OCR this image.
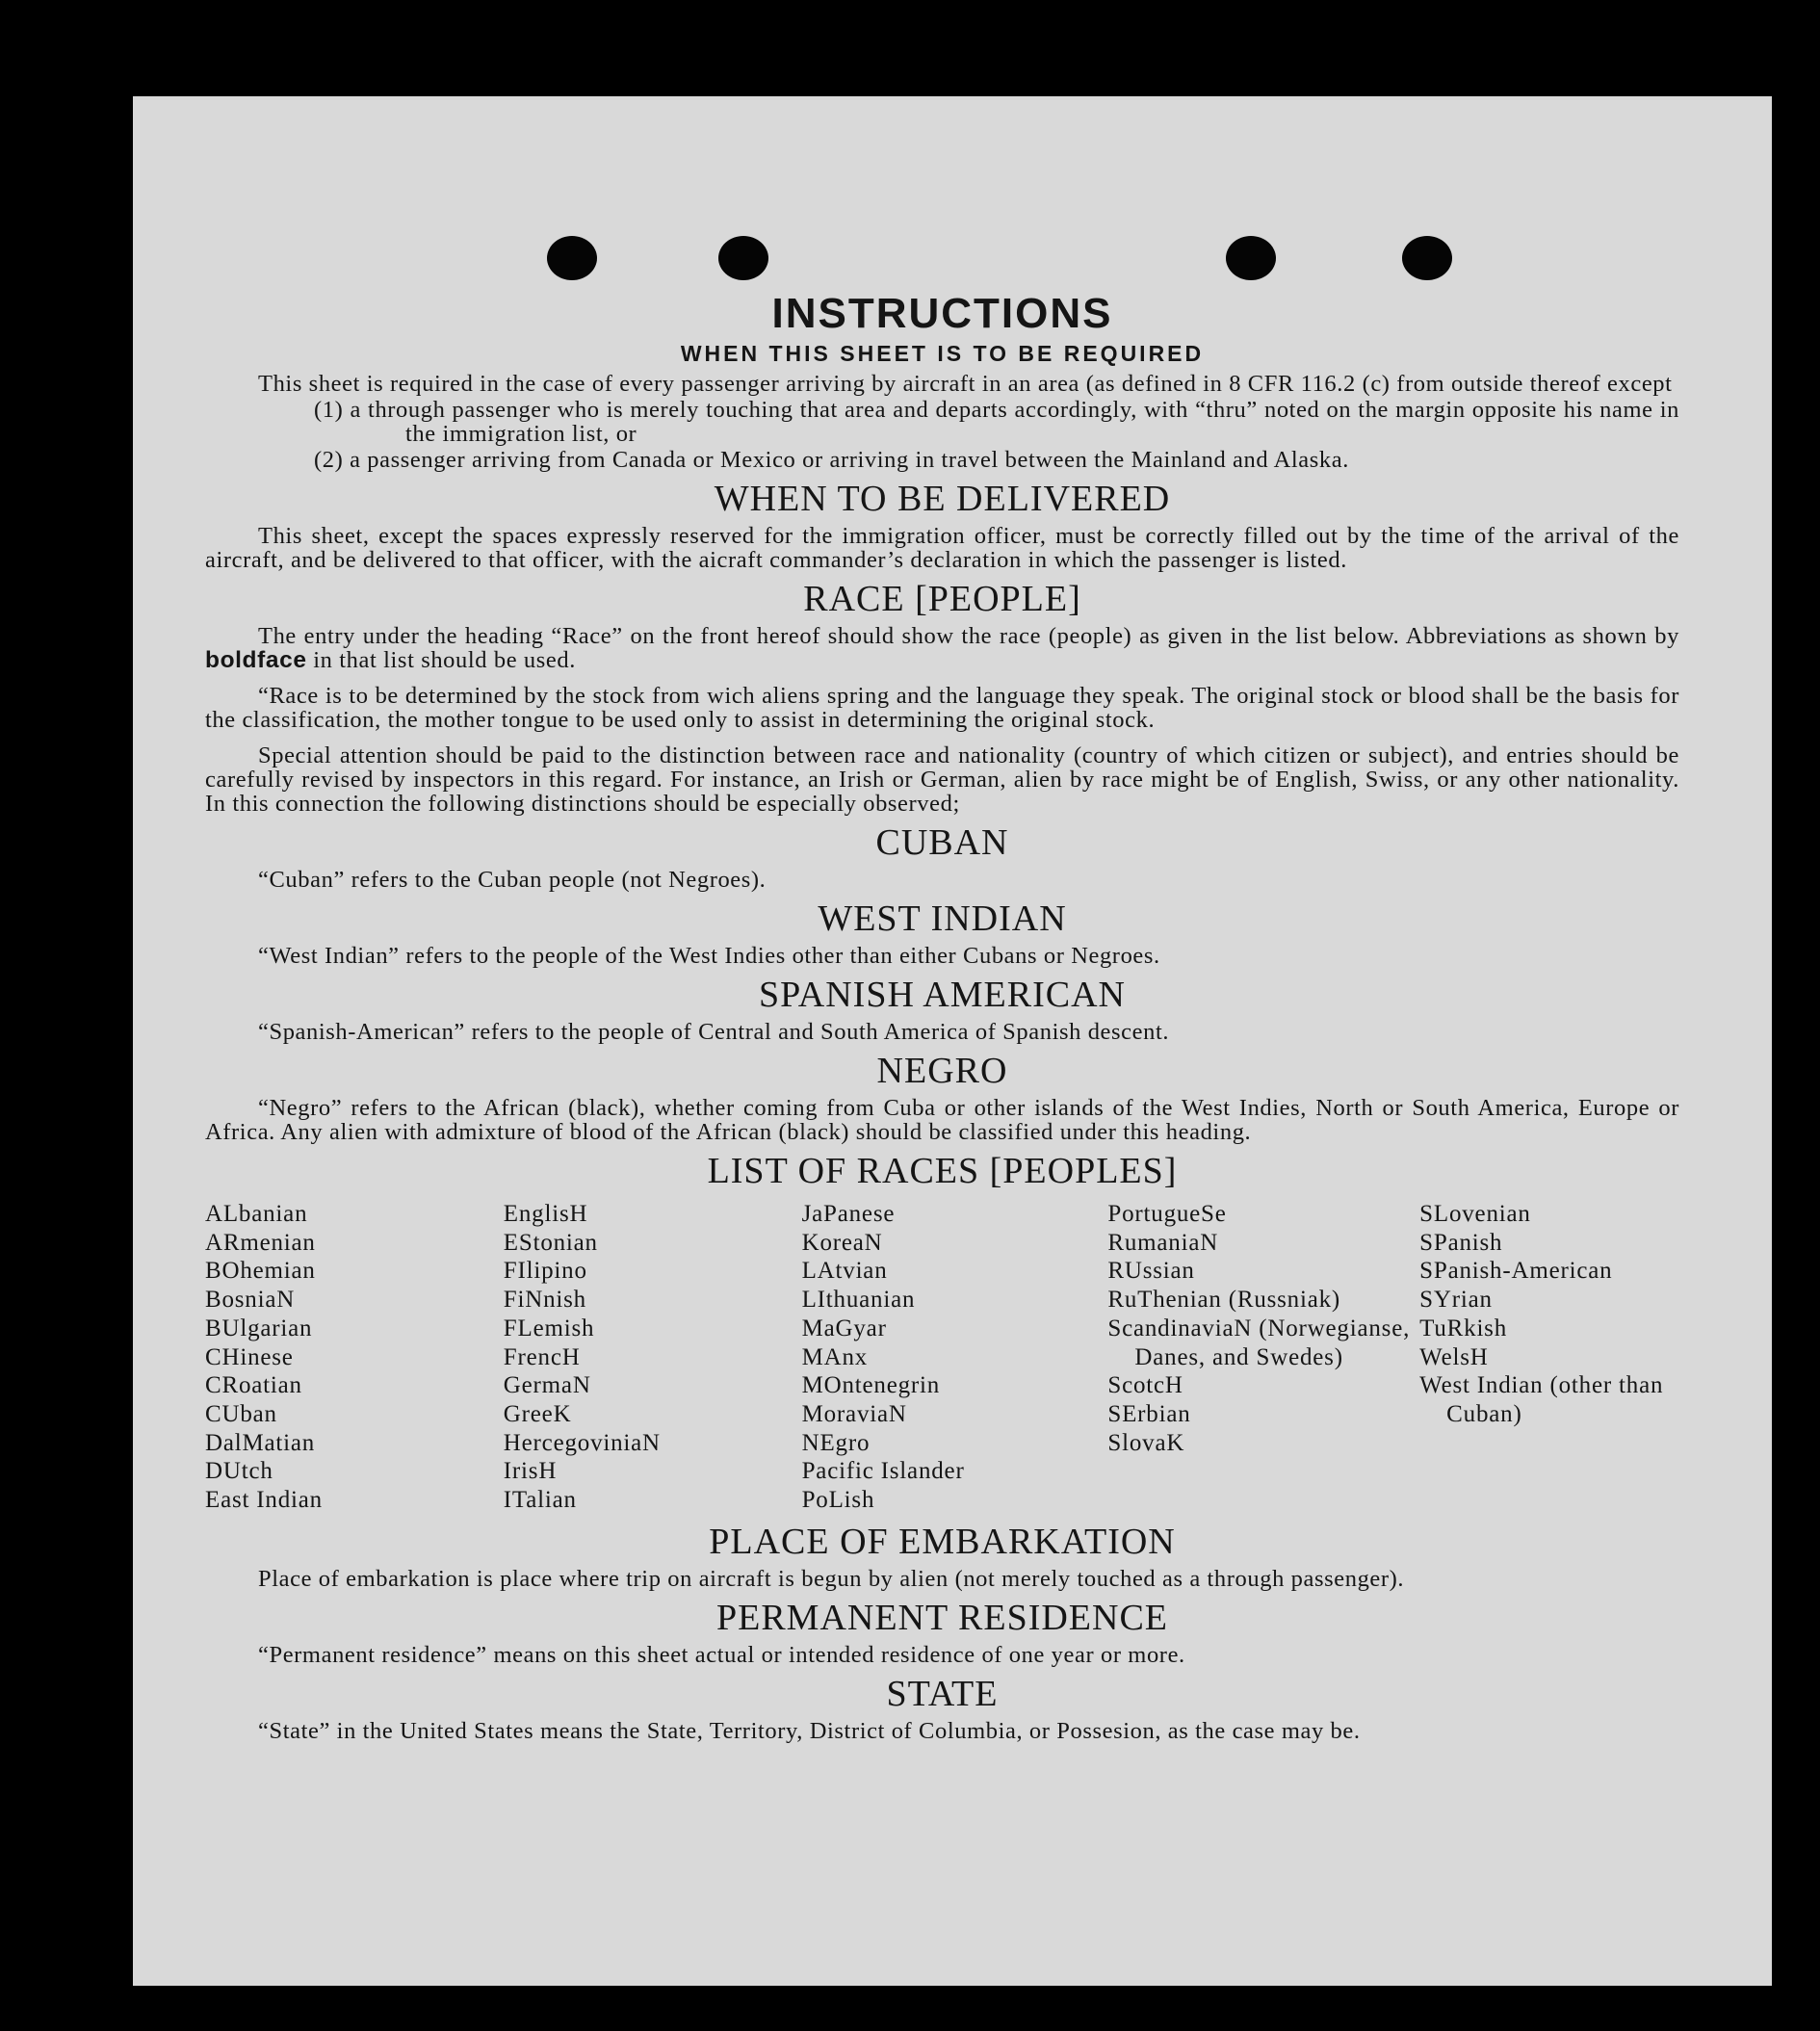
INSTRUCTIONS
WHEN THIS SHEET IS TO BE REQUIRED

This sheet is required in the case of every passenger arriving by aircraft in an area (as defined in 8 CFR 116.2 (c) from outside thereof except

(1) a through passenger who is merely touching that area and departs accordingly, with “thru” noted on the margin opposite his name in the immigration list, or

(2) a passenger arriving from Canada or Mexico or arriving in travel between the Mainland and Alaska.

WHEN TO BE DELIVERED

This sheet, except the spaces expressly reserved for the immigration officer, must be correctly filled out by the time of the arrival of the aircraft, and be delivered to that officer, with the aicraft commander’s declaration in which the passenger is listed.

RACE [PEOPLE]

The entry under the heading “Race” on the front hereof should show the race (people) as given in the list below. Abbreviations as shown by boldface in that list should be used.

“Race is to be determined by the stock from wich aliens spring and the language they speak. The original stock or blood shall be the basis for the classification, the mother tongue to be used only to assist in determining the original stock.

Special attention should be paid to the distinction between race and nationality (country of which citizen or subject), and entries should be carefully revised by inspectors in this regard. For instance, an Irish or German, alien by race might be of English, Swiss, or any other nationality. In this connection the following distinctions should be especially observed;

CUBAN

“Cuban” refers to the Cuban people (not Negroes).

WEST INDIAN

“West Indian” refers to the people of the West Indies other than either Cubans or Negroes.

SPANISH AMERICAN

“Spanish-American” refers to the people of Central and South America of Spanish descent.

NEGRO

“Negro” refers to the African (black), whether coming from Cuba or other islands of the West Indies, North or South America, Europe or Africa. Any alien with admixture of blood of the African (black) should be classified under this heading.

LIST OF RACES [PEOPLES]
ALbanian
ARmenian
BOhemian
BosniaN
BUlgarian
CHinese
CRoatian
CUban
DalMatian
DUtch
East Indian
EnglisH
EStonian
FIlipino
FiNnish
FLemish
FrencH
GermaN
GreeK
HercegoviniaN
IrisH
ITalian
JaPanese
KoreaN
LAtvian
LIthuanian
MaGyar
MAnx
MOntenegrin
MoraviaN
NEgro
Pacific Islander
PoLish
PortugueSe
RumaniaN
RUssian
RuThenian (Russniak)
ScandinaviaN (Norwegianse, Danes, and Swedes)
ScotcH
SErbian
SlovaK
SLovenian
SPanish
SPanish-American
SYrian
TuRkish
WelsH
West Indian (other than Cuban)
PLACE OF EMBARKATION

Place of embarkation is place where trip on aircraft is begun by alien (not merely touched as a through passenger).

PERMANENT RESIDENCE

“Permanent residence” means on this sheet actual or intended residence of one year or more.

STATE

“State” in the United States means the State, Territory, District of Columbia, or Possesion, as the case may be.
